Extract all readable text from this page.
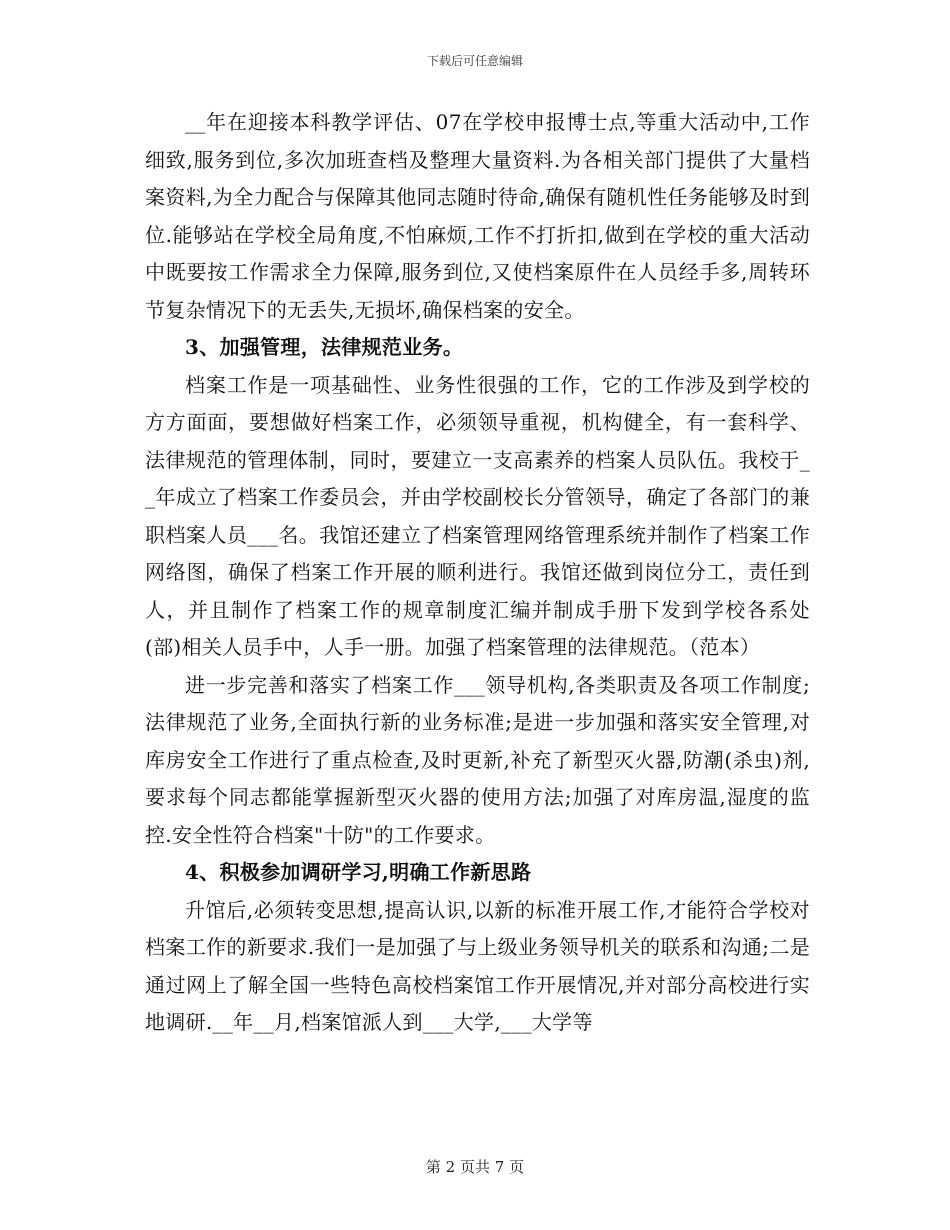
下载后可任意编辑

__年在迎接本科教学评估、07在学校申报博士点,等重大活动中,工作细致,服务到位,多次加班查档及整理大量资料.为各相关部门提供了大量档案资料,为全力配合与保障其他同志随时待命,确保有随机性任务能够及时到位.能够站在学校全局角度,不怕麻烦,工作不打折扣,做到在学校的重大活动中既要按工作需求全力保障,服务到位,又使档案原件在人员经手多,周转环节复杂情况下的无丢失,无损坏,确保档案的安全。

3、加强管理，法律规范业务。

档案工作是一项基础性、业务性很强的工作，它的工作涉及到学校的方方面面，要想做好档案工作，必须领导重视，机构健全，有一套科学、法律规范的管理体制，同时，要建立一支高素养的档案人员队伍。我校于__年成立了档案工作委员会，并由学校副校长分管领导，确定了各部门的兼职档案人员___名。我馆还建立了档案管理网络管理系统并制作了档案工作网络图，确保了档案工作开展的顺利进行。我馆还做到岗位分工，责任到人，并且制作了档案工作的规章制度汇编并制成手册下发到学校各系处(部)相关人员手中，人手一册。加强了档案管理的法律规范。（范本）

进一步完善和落实了档案工作___领导机构,各类职责及各项工作制度;法律规范了业务,全面执行新的业务标准;是进一步加强和落实安全管理,对库房安全工作进行了重点检查,及时更新,补充了新型灭火器,防潮(杀虫)剂,要求每个同志都能掌握新型灭火器的使用方法;加强了对库房温,湿度的监控.安全性符合档案"十防"的工作要求。

4、积极参加调研学习,明确工作新思路

升馆后,必须转变思想,提高认识,以新的标准开展工作,才能符合学校对档案工作的新要求.我们一是加强了与上级业务领导机关的联系和沟通;二是通过网上了解全国一些特色高校档案馆工作开展情况,并对部分高校进行实地调研.__年__月,档案馆派人到___大学,___大学等

第 2 页共 7 页
